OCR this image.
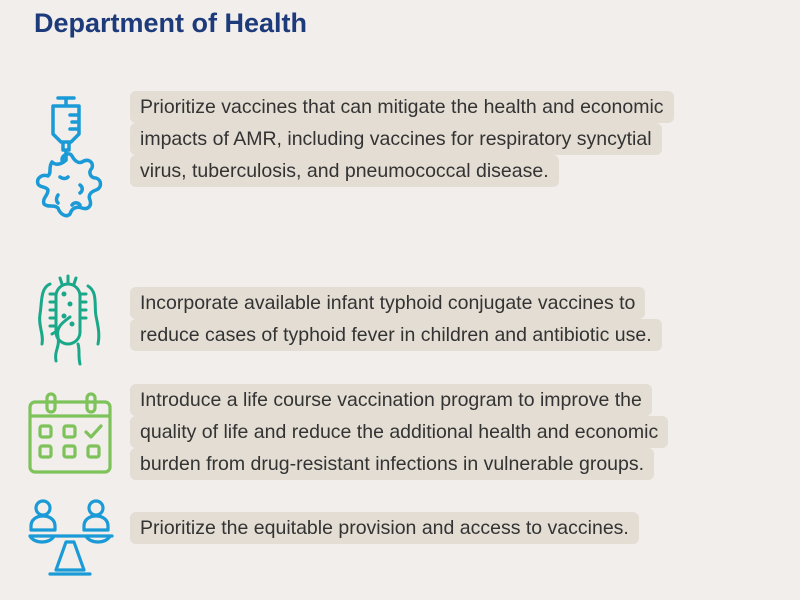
Department of Health
Prioritize vaccines that can mitigate the health and economic
impacts of AMR, including vaccines for respiratory syncytial
virus, tuberculosis, and pneumococcal disease.
Incorporate available infant typhoid conjugate vaccines to
reduce cases of typhoid fever in children and antibiotic use.
Introduce a life course vaccination program to improve the
quality of life and reduce the additional health and economic
burden from drug-resistant infections in vulnerable groups.
Prioritize the equitable provision and access to vaccines.
